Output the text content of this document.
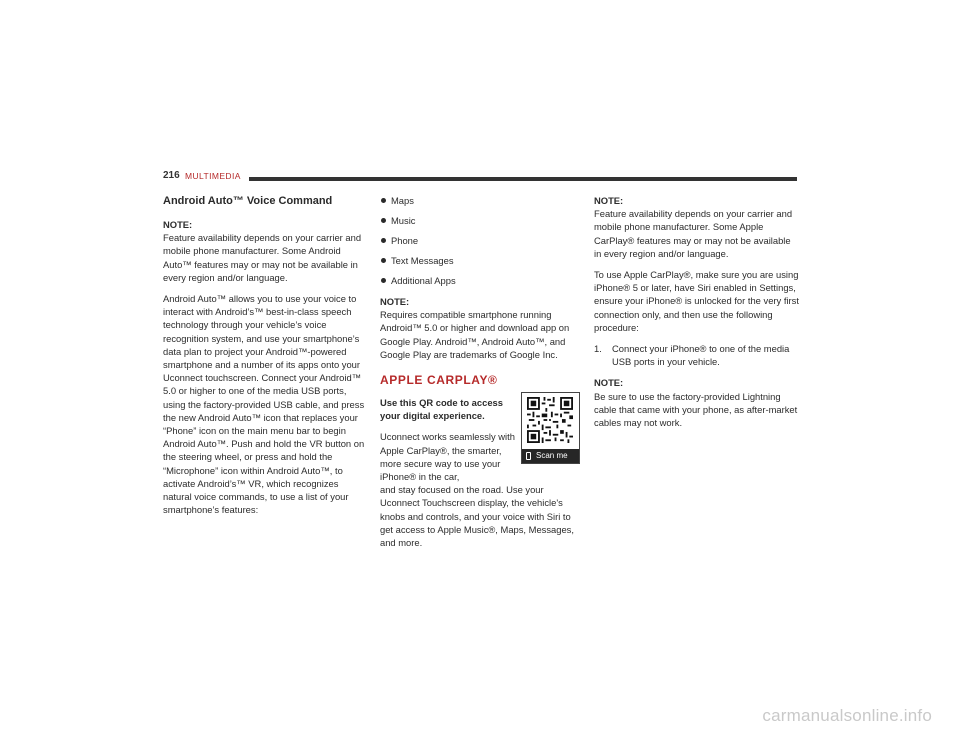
216 MULTIMEDIA
Android Auto™ Voice Command

NOTE:
Feature availability depends on your carrier and mobile phone manufacturer. Some Android Auto™ features may or may not be available in every region and/or language.

Android Auto™ allows you to use your voice to interact with Android’s™ best-in-class speech technology through your vehicle’s voice recognition system, and use your smartphone’s data plan to project your Android™-powered smartphone and a number of its apps onto your Uconnect touchscreen. Connect your Android™ 5.0 or higher to one of the media USB ports, using the factory-provided USB cable, and press the new Android Auto™ icon that replaces your “Phone” icon on the main menu bar to begin Android Auto™. Push and hold the VR button on the steering wheel, or press and hold the “Microphone” icon within Android Auto™, to activate Android’s™ VR, which recognizes natural voice commands, to use a list of your smartphone’s features:

Maps
Music
Phone
Text Messages
Additional Apps

NOTE:
Requires compatible smartphone running Android™ 5.0 or higher and download app on Google Play. Android™, Android Auto™, and Google Play are trademarks of Google Inc.

APPLE CARPLAY®

Use this QR code to access your digital experience.

Scan me

Uconnect works seamlessly with Apple CarPlay®, the smarter, more secure way to use your iPhone® in the car,

and stay focused on the road. Use your Uconnect Touchscreen display, the vehicle's knobs and controls, and your voice with Siri to get access to Apple Music®, Maps, Messages, and more.

NOTE:
Feature availability depends on your carrier and mobile phone manufacturer. Some Apple CarPlay® features may or may not be available in every region and/or language.

To use Apple CarPlay®, make sure you are using iPhone® 5 or later, have Siri enabled in Settings, ensure your iPhone® is unlocked for the very first connection only, and then use the following procedure:

1. Connect your iPhone® to one of the media USB ports in your vehicle.

NOTE:
Be sure to use the factory-provided Lightning cable that came with your phone, as after-market cables may not work.

carmanualsonline.info
